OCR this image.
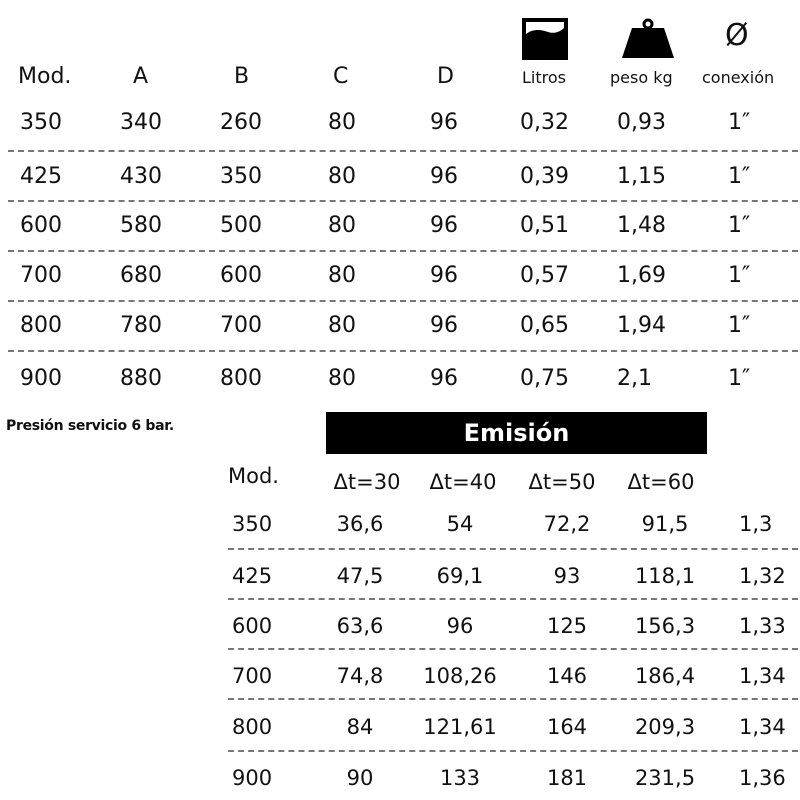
Mod.	A	B	C	D	Litros	peso kg
Ø
conexión
350	340	260	80	96	0,32 0,93	1″
425	430	350	80	96	0,39 1,15	1″
600	580	500	80	96	0,51 1,48	1″
700	680	600	80	96	0,57 1,69	1″
800	780	700	80	96	0,65 1,94	1″
900	880	800	80	96	0,75 2,1	1″
Presión servicio 6 bar.	Emisión
Mod.	Δt=30 Δt=40 Δt=50 Δt=60
350	36,6	54	72,2 91,5 1,3
425	47,5	69,1	93	118,1 1,32
600	63,6	96	125 156,3 1,33
700	74,8 108,26 146 186,4 1,34
800	84 121,61 164 209,3 1,34
900	90	133	181 231,5 1,36
